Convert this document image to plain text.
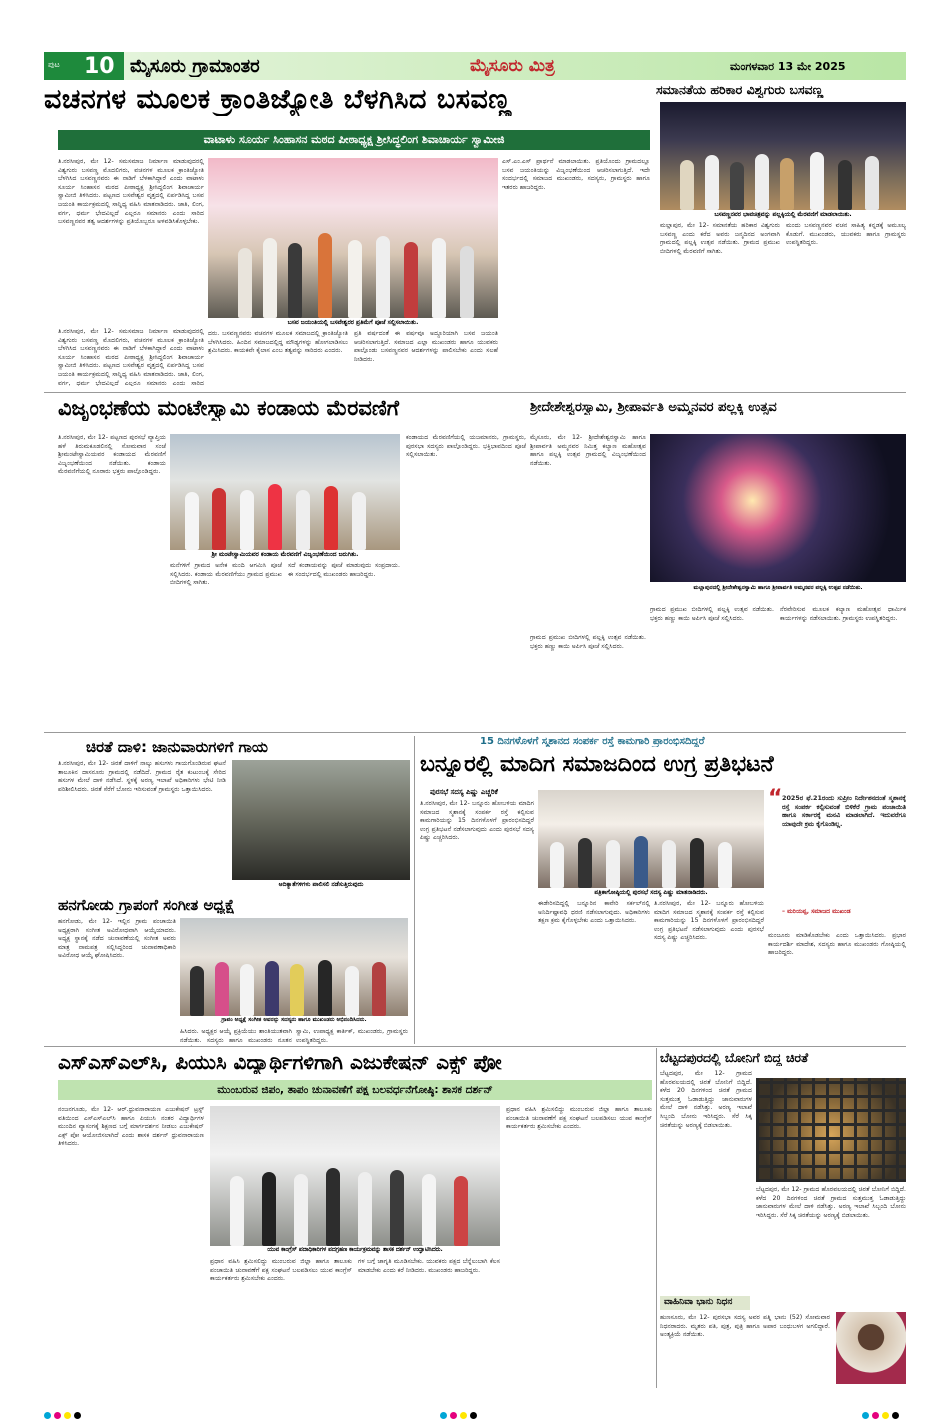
ಪುಟ 10 ಮೈಸೂರು ಗ್ರಾಮಾಂತರ	ಮೈಸೂರು ಮಿತ್ರ	ಮಂಗಳವಾರ 13 ಮೇ 2025
ವಚನಗಳ ಮೂಲಕ ಕ್ರಾಂತಿಜ್ಯೋತಿ ಬೆಳಗಿಸಿದ ಬಸವಣ್ಣ
ವಾಟಾಳು ಸೂರ್ಯ ಸಿಂಹಾಸನ ಮಠದ ಪೀಠಾಧ್ಯಕ್ಷ ಶ್ರೀಸಿದ್ಧಲಿಂಗ ಶಿವಾಚಾರ್ಯ ಸ್ವಾಮೀಜಿ
ತಿ.ನರಸೀಪುರ, ಮೇ 12- ಸಮಸಮಾಜ ನಿರ್ಮಾಣ ಮಾಡುವುದರಲ್ಲಿ ವಿಶ್ವಗುರು ಬಸವಣ್ಣ ಮೊದಲಿಗರು, ವಚನಗಳ ಮೂಲಕ ಕ್ರಾಂತಿಜ್ಯೋತಿ ಬೆಳಗಿಸಿದ ಬಸವಣ್ಣನವರು ಈ ನಾಡಿಗೆ ಬೆಳಕಾಗಿದ್ದಾರೆ ಎಂದು ವಾಟಾಳು ಸೂರ್ಯ ಸಿಂಹಾಸನ ಮಠದ ಪೀಠಾಧ್ಯಕ್ಷ ಶ್ರೀಸಿದ್ಧಲಿಂಗ ಶಿವಾಚಾರ್ಯ ಸ್ವಾಮೀಜಿ ತಿಳಿಸಿದರು. ಪಟ್ಟಣದ ಬಸವೇಶ್ವರ ವೃತ್ತದಲ್ಲಿ ಏರ್ಪಡಿಸಿದ್ದ ಬಸವ ಜಯಂತಿ ಕಾರ್ಯಕ್ರಮದಲ್ಲಿ ಸಾನ್ನಿಧ್ಯ ವಹಿಸಿ ಮಾತನಾಡಿದರು. ಜಾತಿ, ಲಿಂಗ, ವರ್ಗ, ಧರ್ಮ ಭೇದವಿಲ್ಲದೆ ಎಲ್ಲರೂ ಸಮಾನರು ಎಂದು ಸಾರಿದ ಬಸವಣ್ಣನವರ ತತ್ವ ಆದರ್ಶಗಳನ್ನು ಪ್ರತಿಯೊಬ್ಬರೂ ಅಳವಡಿಸಿಕೊಳ್ಳಬೇಕು.
ಬಸವ ಜಯಂತಿಯಲ್ಲಿ ಬಸವೇಶ್ವರರ ಪ್ರತಿಮೆಗೆ ಪೂಜೆ ಸಲ್ಲಿಸಲಾಯಿತು.
ಎಸ್.ಎಂ.ಎಸ್ ಪ್ರಾರ್ಥನೆ ಮಾಡಲಾಯಿತು. ಪ್ರತಿಯೊಂದು ಗ್ರಾಮದಲ್ಲೂ ಬಸವ ಜಯಂತಿಯನ್ನು ವಿಜೃಂಭಣೆಯಿಂದ ಆಚರಿಸಲಾಗುತ್ತಿದೆ. ಇದೇ ಸಂದರ್ಭದಲ್ಲಿ ಸಮಾಜದ ಮುಖಂಡರು, ಸದಸ್ಯರು, ಗ್ರಾಮಸ್ಥರು ಹಾಗೂ ಇತರರು ಹಾಜರಿದ್ದರು.
ತಿ.ನರಸೀಪುರ, ಮೇ 12- ಸಮಸಮಾಜ ನಿರ್ಮಾಣ ಮಾಡುವುದರಲ್ಲಿ ವಿಶ್ವಗುರು ಬಸವಣ್ಣ ಮೊದಲಿಗರು, ವಚನಗಳ ಮೂಲಕ ಕ್ರಾಂತಿಜ್ಯೋತಿ ಬೆಳಗಿಸಿದ ಬಸವಣ್ಣನವರು ಈ ನಾಡಿಗೆ ಬೆಳಕಾಗಿದ್ದಾರೆ ಎಂದು ವಾಟಾಳು ಸೂರ್ಯ ಸಿಂಹಾಸನ ಮಠದ ಪೀಠಾಧ್ಯಕ್ಷ ಶ್ರೀಸಿದ್ಧಲಿಂಗ ಶಿವಾಚಾರ್ಯ ಸ್ವಾಮೀಜಿ ತಿಳಿಸಿದರು. ಪಟ್ಟಣದ ಬಸವೇಶ್ವರ ವೃತ್ತದಲ್ಲಿ ಏರ್ಪಡಿಸಿದ್ದ ಬಸವ ಜಯಂತಿ ಕಾರ್ಯಕ್ರಮದಲ್ಲಿ ಸಾನ್ನಿಧ್ಯ ವಹಿಸಿ ಮಾತನಾಡಿದರು. ಜಾತಿ, ಲಿಂಗ, ವರ್ಗ, ಧರ್ಮ ಭೇದವಿಲ್ಲದೆ ಎಲ್ಲರೂ ಸಮಾನರು ಎಂದು ಸಾರಿದ
ದರು. ಬಸವಣ್ಣನವರು ವಚನಗಳ ಮೂಲಕ ಸಮಾಜದಲ್ಲಿ ಕ್ರಾಂತಿಜ್ಯೋತಿ ಬೆಳಗಿಸಿದರು. ಹಿಂದಿನ ಸಮಾಜದಲ್ಲಿದ್ದ ಮೌಢ್ಯಗಳನ್ನು ಹೋಗಲಾಡಿಸಲು ಶ್ರಮಿಸಿದರು. ಕಾಯಕವೇ ಕೈಲಾಸ ಎಂಬ ತತ್ವವನ್ನು ಸಾರಿದರು ಎಂದರು.
ಪ್ರತಿ ವರ್ಷದಂತೆ ಈ ವರ್ಷವೂ ಅದ್ದೂರಿಯಾಗಿ ಬಸವ ಜಯಂತಿ ಆಚರಿಸಲಾಗುತ್ತಿದೆ. ಸಮಾಜದ ಎಲ್ಲಾ ಮುಖಂಡರು ಹಾಗೂ ಯುವಕರು ಪಾಲ್ಗೊಂಡು ಬಸವಣ್ಣನವರ ಆದರ್ಶಗಳನ್ನು ಪಾಲಿಸಬೇಕು ಎಂದು ಸಲಹೆ ನೀಡಿದರು.
ಸಮಾನತೆಯ ಹರಿಕಾರ ವಿಶ್ವಗುರು ಬಸವಣ್ಣ
ಬಸವಣ್ಣನವರ ಭಾವಚಿತ್ರವನ್ನು ಪಲ್ಲಕ್ಕಿಯಲ್ಲಿ ಮೆರವಣಿಗೆ ಮಾಡಲಾಯಿತು.
ಮಲ್ಲಾಪುರ, ಮೇ 12- ಸಮಾನತೆಯ ಹರಿಕಾರ ವಿಶ್ವಗುರು ಬಸವಣ್ಣ ಎಂದು ಕರೆದ ಅವರು ಜನ್ಮದಿನದ ಅಂಗವಾಗಿ ಗ್ರಾಮದಲ್ಲಿ ಪಲ್ಲಕ್ಕಿ ಉತ್ಸವ ನಡೆಯಿತು. ಗ್ರಾಮದ ಪ್ರಮುಖ ಬೀದಿಗಳಲ್ಲಿ ಮೆರವಣಿಗೆ ಸಾಗಿತು.
ಮಂದು ಬಸವಣ್ಣನವರ ವಚನ ಸಾಹಿತ್ಯ ಕನ್ನಡಕ್ಕೆ ಅಮೂಲ್ಯ ಕೊಡುಗೆ. ಮುಖಂಡರು, ಯುವಕರು ಹಾಗೂ ಗ್ರಾಮಸ್ಥರು ಉಪಸ್ಥಿತರಿದ್ದರು.
ವಿಜೃಂಭಣೆಯ ಮಂಟೇಸ್ವಾಮಿ ಕಂಡಾಯ ಮೆರವಣಿಗೆ
ತಿ.ನರಸೀಪುರ, ಮೇ 12- ಪಟ್ಟಣದ ಪುರಸಭೆ ವ್ಯಾಪ್ತಿಯ ಹಳೆ ತಿರುಮಕೂಡಲಿನಲ್ಲಿ ಸೋಮವಾರ ಸಂಜೆ ಶ್ರೀಮಂಟೇಸ್ವಾಮಿಯವರ ಕಂಡಾಯದ ಮೆರವಣಿಗೆ ವಿಜೃಂಭಣೆಯಿಂದ ನಡೆಯಿತು. ಕಂಡಾಯ ಮೆರವಣಿಗೆಯಲ್ಲಿ ನೂರಾರು ಭಕ್ತರು ಪಾಲ್ಗೊಂಡಿದ್ದರು.
ಶ್ರೀ ಮಂಟೇಸ್ವಾಮಿಯವರ ಕಂಡಾಯ ಮೆರವಣಿಗೆ ವಿಜೃಂಭಣೆಯಿಂದ ಜರುಗಿತು.
ಮನೆಗಳಿಗೆ ಗ್ರಾಮದ ಅನೇಕ ಮಂದಿ ಆಗಮಿಸಿ ಪೂಜೆ ಸಲ್ಲಿಸಿದರು. ಕಂಡಾಯ ಮೆರವಣಿಗೆಯು ಗ್ರಾಮದ ಪ್ರಮುಖ ಬೀದಿಗಳಲ್ಲಿ ಸಾಗಿತು.
ಸದೆ ಕಂಡಾಯವನ್ನು ಪೂಜೆ ಮಾಡುವುದು ಸಂಪ್ರದಾಯ. ಈ ಸಂದರ್ಭದಲ್ಲಿ ಮುಖಂಡರು ಹಾಜರಿದ್ದರು.
ಕಂಡಾಯದ ಮೆರವಣಿಗೆಯಲ್ಲಿ ಯಜಮಾನರು, ಗ್ರಾಮಸ್ಥರು, ಪುರಸಭಾ ಸದಸ್ಯರು ಪಾಲ್ಗೊಂಡಿದ್ದರು. ಭಕ್ತಿಭಾವದಿಂದ ಪೂಜೆ ಸಲ್ಲಿಸಲಾಯಿತು.
ಶ್ರೀದೇಶೇಶ್ವರಸ್ವಾಮಿ, ಶ್ರೀಪಾರ್ವತಿ ಅಮ್ಮನವರ ಪಲ್ಲಕ್ಕಿ ಉತ್ಸವ
ಮೈಸೂರು, ಮೇ 12- ಶ್ರೀದೇಶೇಶ್ವರಸ್ವಾಮಿ ಹಾಗೂ ಶ್ರೀಪಾರ್ವತಿ ಅಮ್ಮನವರ ನಿಮಿತ್ತ ಕಲ್ಯಾಣ ಮಹೋತ್ಸವ ಹಾಗೂ ಪಲ್ಲಕ್ಕಿ ಉತ್ಸವ ಗ್ರಾಮದಲ್ಲಿ ವಿಜೃಂಭಣೆಯಿಂದ ನಡೆಯಿತು.
ಮಲ್ಲಾಪುರದಲ್ಲಿ ಶ್ರೀದೇಶೇಶ್ವರಸ್ವಾಮಿ ಹಾಗೂ ಶ್ರೀಪಾರ್ವತಿ ಅಮ್ಮನವರ ಪಲ್ಲಕ್ಕಿ ಉತ್ಸವ ನಡೆಯಿತು.
ಗ್ರಾಮದ ಪ್ರಮುಖ ಬೀದಿಗಳಲ್ಲಿ ಪಲ್ಲಕ್ಕಿ ಉತ್ಸವ ನಡೆಯಿತು. ಭಕ್ತರು ಹಣ್ಣು ಕಾಯಿ ಅರ್ಪಿಸಿ ಪೂಜೆ ಸಲ್ಲಿಸಿದರು.
ನೆರವೇರಿಸುವ ಮೂಲಕ ಕಲ್ಯಾಣ ಮಹೋತ್ಸವ ಧಾರ್ಮಿಕ ಕಾರ್ಯಗಳನ್ನು ನಡೆಸಲಾಯಿತು. ಗ್ರಾಮಸ್ಥರು ಉಪಸ್ಥಿತರಿದ್ದರು.
ಗ್ರಾಮದ ಪ್ರಮುಖ ಬೀದಿಗಳಲ್ಲಿ ಪಲ್ಲಕ್ಕಿ ಉತ್ಸವ ನಡೆಯಿತು. ಭಕ್ತರು ಹಣ್ಣು ಕಾಯಿ ಅರ್ಪಿಸಿ ಪೂಜೆ ಸಲ್ಲಿಸಿದರು.
ಚಿರತೆ ದಾಳಿ: ಜಾನುವಾರುಗಳಿಗೆ ಗಾಯ
ತಿ.ನರಸೀಪುರ, ಮೇ 12- ಚಿರತೆ ದಾಳಿಗೆ ನಾಲ್ಕು ಹಸುಗಳು ಗಾಯಗೊಂಡಿರುವ ಘಟನೆ ತಾಲೂಕಿನ ದಾಸನೂರು ಗ್ರಾಮದಲ್ಲಿ ನಡೆದಿದೆ. ಗ್ರಾಮದ ರೈತ ಕುಟುಂಬಕ್ಕೆ ಸೇರಿದ ಹಸುಗಳ ಮೇಲೆ ದಾಳಿ ನಡೆಸಿದೆ. ಸ್ಥಳಕ್ಕೆ ಅರಣ್ಯ ಇಲಾಖೆ ಅಧಿಕಾರಿಗಳು ಭೇಟಿ ನೀಡಿ ಪರಿಶೀಲಿಸಿದರು. ಚಿರತೆ ಸೆರೆಗೆ ಬೋನು ಇರಿಸುವಂತೆ ಗ್ರಾಮಸ್ಥರು ಒತ್ತಾಯಿಸಿದರು.
ಆದಿಕ್ಯಾತೆಗಳಿಗಳು ಪಾಲಿಸಲಿ ನಡೆಸುತ್ತಿರುವುದು
ಹನಗೋಡು ಗ್ರಾಪಂಗೆ ಸಂಗೀತ ಅಧ್ಯಕ್ಷೆ
ಹನಗೋಡು, ಮೇ 12- ಇಲ್ಲಿನ ಗ್ರಾಮ ಪಂಚಾಯಿತಿ ಅಧ್ಯಕ್ಷರಾಗಿ ಸಂಗೀತ ಅವಿರೋಧವಾಗಿ ಆಯ್ಕೆಯಾದರು. ಅಧ್ಯಕ್ಷ ಸ್ಥಾನಕ್ಕೆ ನಡೆದ ಚುನಾವಣೆಯಲ್ಲಿ ಸಂಗೀತ ಅವರು ಮಾತ್ರ ನಾಮಪತ್ರ ಸಲ್ಲಿಸಿದ್ದರಿಂದ ಚುನಾವಣಾಧಿಕಾರಿ ಅವಿರೋಧ ಆಯ್ಕೆ ಘೋಷಿಸಿದರು.
ಗ್ರಾಪಂ ಅಧ್ಯಕ್ಷೆ ಸಂಗೀತ ಅವರನ್ನು ಸದಸ್ಯರು ಹಾಗೂ ಮುಖಂಡರು ಅಭಿನಂದಿಸಿದರು.
ಹಿಸಿದರು. ಅಧ್ಯಕ್ಷರ ಆಯ್ಕೆ ಪ್ರಕ್ರಿಯೆಯು ಶಾಂತಿಯುತವಾಗಿ ನಡೆಯಿತು. ಸದಸ್ಯರು ಹಾಗೂ ಮುಖಂಡರು ನೂತನ
ಸ್ವಾಮಿ, ಉಪಾಧ್ಯಕ್ಷ ಕಾರ್ತಿಕ್, ಮುಖಂಡರು, ಗ್ರಾಮಸ್ಥರು ಉಪಸ್ಥಿತರಿದ್ದರು.
15 ದಿನಗಳೊಳಗೆ ಸ್ಮಶಾನದ ಸಂಪರ್ಕ ರಸ್ತೆ ಕಾಮಗಾರಿ ಪ್ರಾರಂಭಿಸದಿದ್ದರೆ
ಬನ್ನೂರಲ್ಲಿ ಮಾದಿಗ ಸಮಾಜದಿಂದ ಉಗ್ರ ಪ್ರತಿಭಟನೆ
ಪುರಸಭೆ ಸದಸ್ಯ ಪಿಷ್ಣು ಎಚ್ಚರಿಕೆ
ತಿ.ನರಸೀಪುರ, ಮೇ 12- ಬನ್ನೂರು ಹೋಬಳಿಯ ಮಾದಿಗ ಸಮಾಜದ ಸ್ಮಶಾನಕ್ಕೆ ಸಂಪರ್ಕ ರಸ್ತೆ ಕಲ್ಪಿಸುವ ಕಾಮಗಾರಿಯನ್ನು 15 ದಿನಗಳೊಳಗೆ ಪ್ರಾರಂಭಿಸದಿದ್ದರೆ ಉಗ್ರ ಪ್ರತಿಭಟನೆ ನಡೆಸಲಾಗುವುದು ಎಂದು ಪುರಸಭೆ ಸದಸ್ಯ ಪಿಷ್ಣು ಎಚ್ಚರಿಸಿದರು.
ಪತ್ರಿಕಾಗೋಷ್ಠಿಯಲ್ಲಿ ಪುರಸಭೆ ಸದಸ್ಯ ಪಿಷ್ಣು ಮಾತನಾಡಿದರು.
“ 2025ರ ಫೆ.21ರಂದು ಸುಪ್ರೀಂ ನಿರ್ದೇಶನದಂತೆ ಸ್ಮಶಾನಕ್ಕೆ ರಸ್ತೆ ಸಂಪರ್ಕ ಕಲ್ಪಿಸುವಂತೆ ಬಿಳಿಕೆರೆ ಗ್ರಾಮ ಪಂಚಾಯಿತಿ ಹಾಗೂ ಸರ್ಕಾರಕ್ಕೆ ಮನವಿ ಮಾಡಲಾಗಿದೆ. ಇದುವರೆಗೂ ಯಾವುದೇ ಕ್ರಮ ಕೈಗೊಂಡಿಲ್ಲ.
– ಮರಿಯಪ್ಪ, ಸಮಾಜದ ಮುಖಂಡ
ಈಡೇರಿಸದಿದ್ದಲ್ಲಿ ಬನ್ನೂರಿನ ಕಾವೇರಿ ಸರ್ಕಲ್‌ನಲ್ಲಿ ಅನಿರ್ದಿಷ್ಟಾವಧಿ ಧರಣಿ ನಡೆಸಲಾಗುವುದು. ಅಧಿಕಾರಿಗಳು ತಕ್ಷಣ ಕ್ರಮ ಕೈಗೊಳ್ಳಬೇಕು ಎಂದು ಒತ್ತಾಯಿಸಿದರು.
ತಿ.ನರಸೀಪುರ, ಮೇ 12- ಬನ್ನೂರು ಹೋಬಳಿಯ ಮಾದಿಗ ಸಮಾಜದ ಸ್ಮಶಾನಕ್ಕೆ ಸಂಪರ್ಕ ರಸ್ತೆ ಕಲ್ಪಿಸುವ ಕಾಮಗಾರಿಯನ್ನು 15 ದಿನಗಳೊಳಗೆ ಪ್ರಾರಂಭಿಸದಿದ್ದರೆ ಉಗ್ರ ಪ್ರತಿಭಟನೆ ನಡೆಸಲಾಗುವುದು ಎಂದು ಪುರಸಭೆ ಸದಸ್ಯ ಪಿಷ್ಣು ಎಚ್ಚರಿಸಿದರು.	ಮಂಜೂರು ಮಾಡಿಕೊಡಬೇಕು ಎಂದು ಒತ್ತಾಯಿಸಿದರು. ಪ್ರಭಾರ ಕಾರ್ಯದರ್ಶಿ ಮಾದೇಶ, ಸದಸ್ಯರು ಹಾಗೂ ಮುಖಂಡರು ಗೋಷ್ಠಿಯಲ್ಲಿ ಹಾಜರಿದ್ದರು.
ಎಸ್‌ಎಸ್‌ಎಲ್‌ಸಿ, ಪಿಯುಸಿ ವಿದ್ಯಾರ್ಥಿಗಳಿಗಾಗಿ ಎಜುಕೇಷನ್ ಎಕ್ಸ್ ಪೋ
ಮುಂಬರುವ ಜಿಪಂ, ತಾಪಂ ಚುನಾವಣೆಗೆ ಪಕ್ಷ ಬಲವರ್ಧನೆಗೋಷ್ಠಿ: ಶಾಸಕ ದರ್ಶನ್
ನಂಜನಗೂಡು, ಮೇ 12- ಆರ್.ಧ್ರುವನಾರಾಯಣ ಎಜುಕೇಷನ್ ಟ್ರಸ್ಟ್ ವತಿಯಿಂದ ಎಸ್‌ಎಸ್‌ಎಲ್‌ಸಿ ಹಾಗೂ ಪಿಯುಸಿ ನಂತರ ವಿದ್ಯಾರ್ಥಿಗಳ ಮುಂದಿನ ವ್ಯಾಸಂಗಕ್ಕೆ ಶಿಕ್ಷಣದ ಬಗ್ಗೆ ಮಾರ್ಗದರ್ಶನ ನೀಡಲು ಎಜುಕೇಷನ್ ಎಕ್ಸ್ ಪೋ ಆಯೋಜಿಸಲಾಗಿದೆ ಎಂದು ಶಾಸಕ ದರ್ಶನ್ ಧ್ರುವನಾರಾಯಣ ತಿಳಿಸಿದರು.
ಯುವ ಕಾಂಗ್ರೆಸ್ ಪದಾಧಿಕಾರಿಗಳ ಪದಗ್ರಹಣ ಕಾರ್ಯಕ್ರಮವನ್ನು ಶಾಸಕ ದರ್ಶನ್ ಉದ್ಘಾಟಿಸಿದರು.
ಪ್ರಧಾನ ವಹಿಸಿ ಶ್ರಮಿಸಲಿದ್ದು ಮುಂಬರುವ ಜಿಲ್ಲಾ ಹಾಗೂ ತಾಲೂಕು ಪಂಚಾಯಿತಿ ಚುನಾವಣೆಗೆ ಪಕ್ಷ ಸಂಘಟನೆ ಬಲಪಡಿಸಲು ಯುವ ಕಾಂಗ್ರೆಸ್ ಕಾರ್ಯಕರ್ತರು ಶ್ರಮಿಸಬೇಕು ಎಂದರು.
ಗಳ ಬಗ್ಗೆ ಜಾಗೃತಿ ಮೂಡಿಸಬೇಕು. ಯುವಕರು ಪಕ್ಷದ ಬೆನ್ನೆಲುಬಾಗಿ ಕೆಲಸ ಮಾಡಬೇಕು ಎಂದು ಕರೆ ನೀಡಿದರು. ಮುಖಂಡರು ಹಾಜರಿದ್ದರು.
ಪ್ರಧಾನ ವಹಿಸಿ ಶ್ರಮಿಸಲಿದ್ದು ಮುಂಬರುವ ಜಿಲ್ಲಾ ಹಾಗೂ ತಾಲೂಕು ಪಂಚಾಯಿತಿ ಚುನಾವಣೆಗೆ ಪಕ್ಷ ಸಂಘಟನೆ ಬಲಪಡಿಸಲು ಯುವ ಕಾಂಗ್ರೆಸ್ ಕಾರ್ಯಕರ್ತರು ಶ್ರಮಿಸಬೇಕು ಎಂದರು.
ಬೆಟ್ಟದಪುರದಲ್ಲಿ ಬೋನಿಗೆ ಬಿದ್ದ ಚಿರತೆ
ಬೆಟ್ಟದಪುರ, ಮೇ 12- ಗ್ರಾಮದ ಹೊರವಲಯದಲ್ಲಿ ಚಿರತೆ ಬೋನಿಗೆ ಬಿದ್ದಿದೆ. ಕಳೆದ 20 ದಿನಗಳಿಂದ ಚಿರತೆ ಗ್ರಾಮದ ಸುತ್ತಮುತ್ತ ಓಡಾಡುತ್ತಿದ್ದು ಜಾನುವಾರುಗಳ ಮೇಲೆ ದಾಳಿ ನಡೆಸಿತ್ತು. ಅರಣ್ಯ ಇಲಾಖೆ ಸಿಬ್ಬಂದಿ ಬೋನು ಇರಿಸಿದ್ದರು. ಸೆರೆ ಸಿಕ್ಕ ಚಿರತೆಯನ್ನು ಅರಣ್ಯಕ್ಕೆ ಬಿಡಲಾಯಿತು.
ಬೆಟ್ಟದಪುರ, ಮೇ 12- ಗ್ರಾಮದ ಹೊರವಲಯದಲ್ಲಿ ಚಿರತೆ ಬೋನಿಗೆ ಬಿದ್ದಿದೆ. ಕಳೆದ 20 ದಿನಗಳಿಂದ ಚಿರತೆ ಗ್ರಾಮದ ಸುತ್ತಮುತ್ತ ಓಡಾಡುತ್ತಿದ್ದು ಜಾನುವಾರುಗಳ ಮೇಲೆ ದಾಳಿ ನಡೆಸಿತ್ತು. ಅರಣ್ಯ ಇಲಾಖೆ ಸಿಬ್ಬಂದಿ ಬೋನು ಇರಿಸಿದ್ದರು. ಸೆರೆ ಸಿಕ್ಕ ಚಿರತೆಯನ್ನು ಅರಣ್ಯಕ್ಕೆ ಬಿಡಲಾಯಿತು.
ವಾಹಿನಿವಾ ಭಾನು ನಿಧನ
ಹುಣಸೂರು, ಮೇ 12- ಪುರಸಭಾ ಸದಸ್ಯ ಅವರ ಪತ್ನಿ ಭಾನು (52) ಸೋಮವಾರ ನಿಧನರಾದರು. ಮೃತರು ಪತಿ, ಪುತ್ರ, ಪುತ್ರಿ ಹಾಗೂ ಅಪಾರ ಬಂಧುಬಳಗ ಅಗಲಿದ್ದಾರೆ. ಅಂತ್ಯಕ್ರಿಯೆ ನಡೆಯಿತು.
